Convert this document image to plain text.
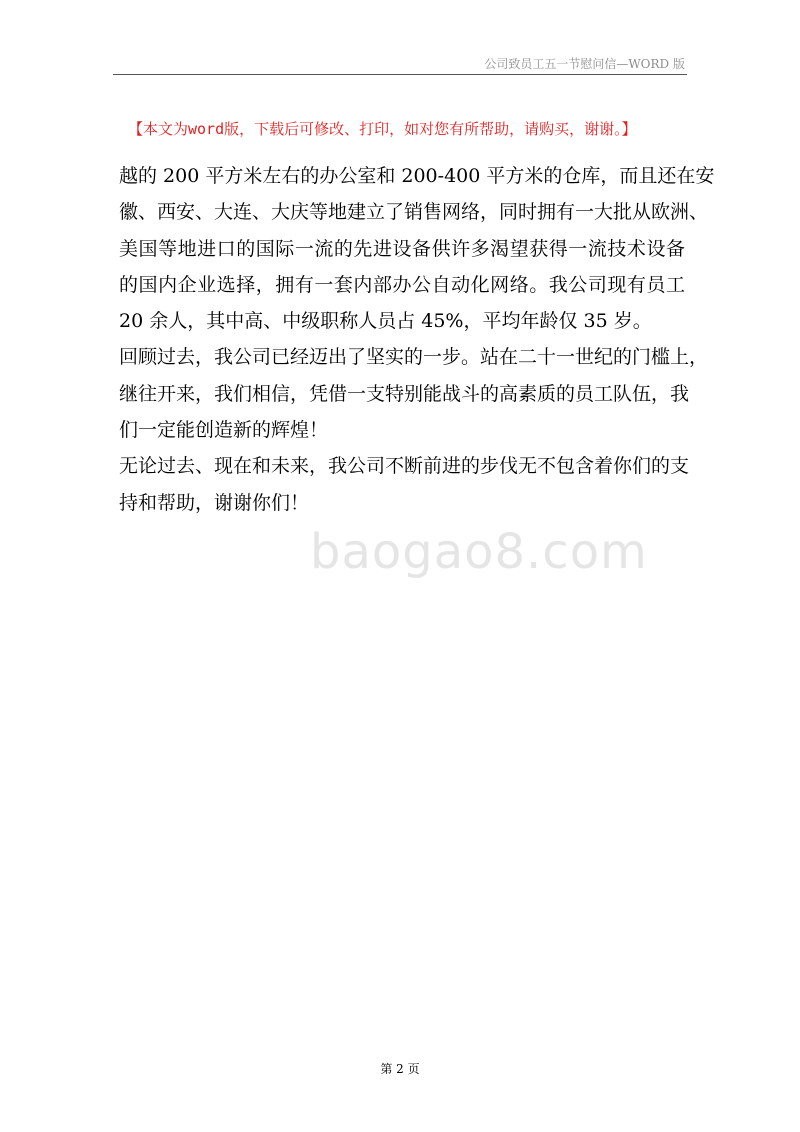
公司致员工五一节慰问信—WORD 版
【本文为word版，下载后可修改、打印，如对您有所帮助，请购买，谢谢。】
越的 200 平方米左右的办公室和 200-400 平方米的仓库，而且还在安
徽、西安、大连、大庆等地建立了销售网络，同时拥有一大批从欧洲、
美国等地进口的国际一流的先进设备供许多渴望获得一流技术设备
的国内企业选择，拥有一套内部办公自动化网络。我公司现有员工
20 余人，其中高、中级职称人员占 45%，平均年龄仅 35 岁。
回顾过去，我公司已经迈出了坚实的一步。站在二十一世纪的门槛上，
继往开来，我们相信，凭借一支特别能战斗的高素质的员工队伍，我
们一定能创造新的辉煌！
无论过去、现在和未来，我公司不断前进的步伐无不包含着你们的支
持和帮助，谢谢你们！
baogao8.com
第 2 页
